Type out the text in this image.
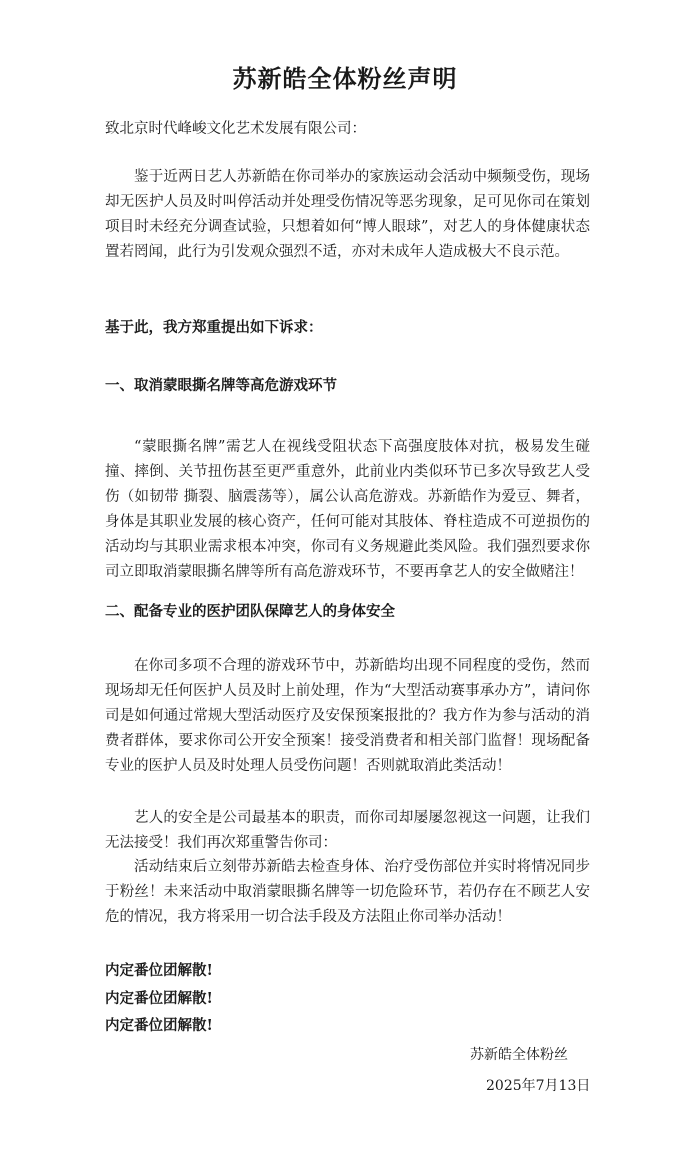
苏新皓全体粉丝声明
致北京时代峰峻文化艺术发展有限公司：
鉴于近两日艺人苏新皓在你司举办的家族运动会活动中频频受伤，现场却无医护人员及时叫停活动并处理受伤情况等恶劣现象，足可见你司在策划项目时未经充分调查试验，只想着如何“博人眼球”，对艺人的身体健康状态置若罔闻，此行为引发观众强烈不适，亦对未成年人造成极大不良示范。
基于此，我方郑重提出如下诉求：
一、取消蒙眼撕名牌等高危游戏环节
“蒙眼撕名牌”需艺人在视线受阻状态下高强度肢体对抗，极易发生碰撞、摔倒、关节扭伤甚至更严重意外，此前业内类似环节已多次导致艺人受伤（如韧带 撕裂、脑震荡等），属公认高危游戏。苏新皓作为爱豆、舞者，身体是其职业发展的核心资产，任何可能对其肢体、脊柱造成不可逆损伤的活动均与其职业需求根本冲突，你司有义务规避此类风险。我们强烈要求你司立即取消蒙眼撕名牌等所有高危游戏环节，不要再拿艺人的安全做赌注！
二、配备专业的医护团队保障艺人的身体安全
在你司多项不合理的游戏环节中，苏新皓均出现不同程度的受伤，然而现场却无任何医护人员及时上前处理，作为“大型活动赛事承办方”，请问你司是如何通过常规大型活动医疗及安保预案报批的？我方作为参与活动的消费者群体，要求你司公开安全预案！接受消费者和相关部门监督！现场配备专业的医护人员及时处理人员受伤问题！否则就取消此类活动！
艺人的安全是公司最基本的职责，而你司却屡屡忽视这一问题，让我们无法接受！我们再次郑重警告你司：
活动结束后立刻带苏新皓去检查身体、治疗受伤部位并实时将情况同步于粉丝！未来活动中取消蒙眼撕名牌等一切危险环节，若仍存在不顾艺人安危的情况，我方将采用一切合法手段及方法阻止你司举办活动！
内定番位团解散!
内定番位团解散!
内定番位团解散!
苏新皓全体粉丝
2025年7月13日
